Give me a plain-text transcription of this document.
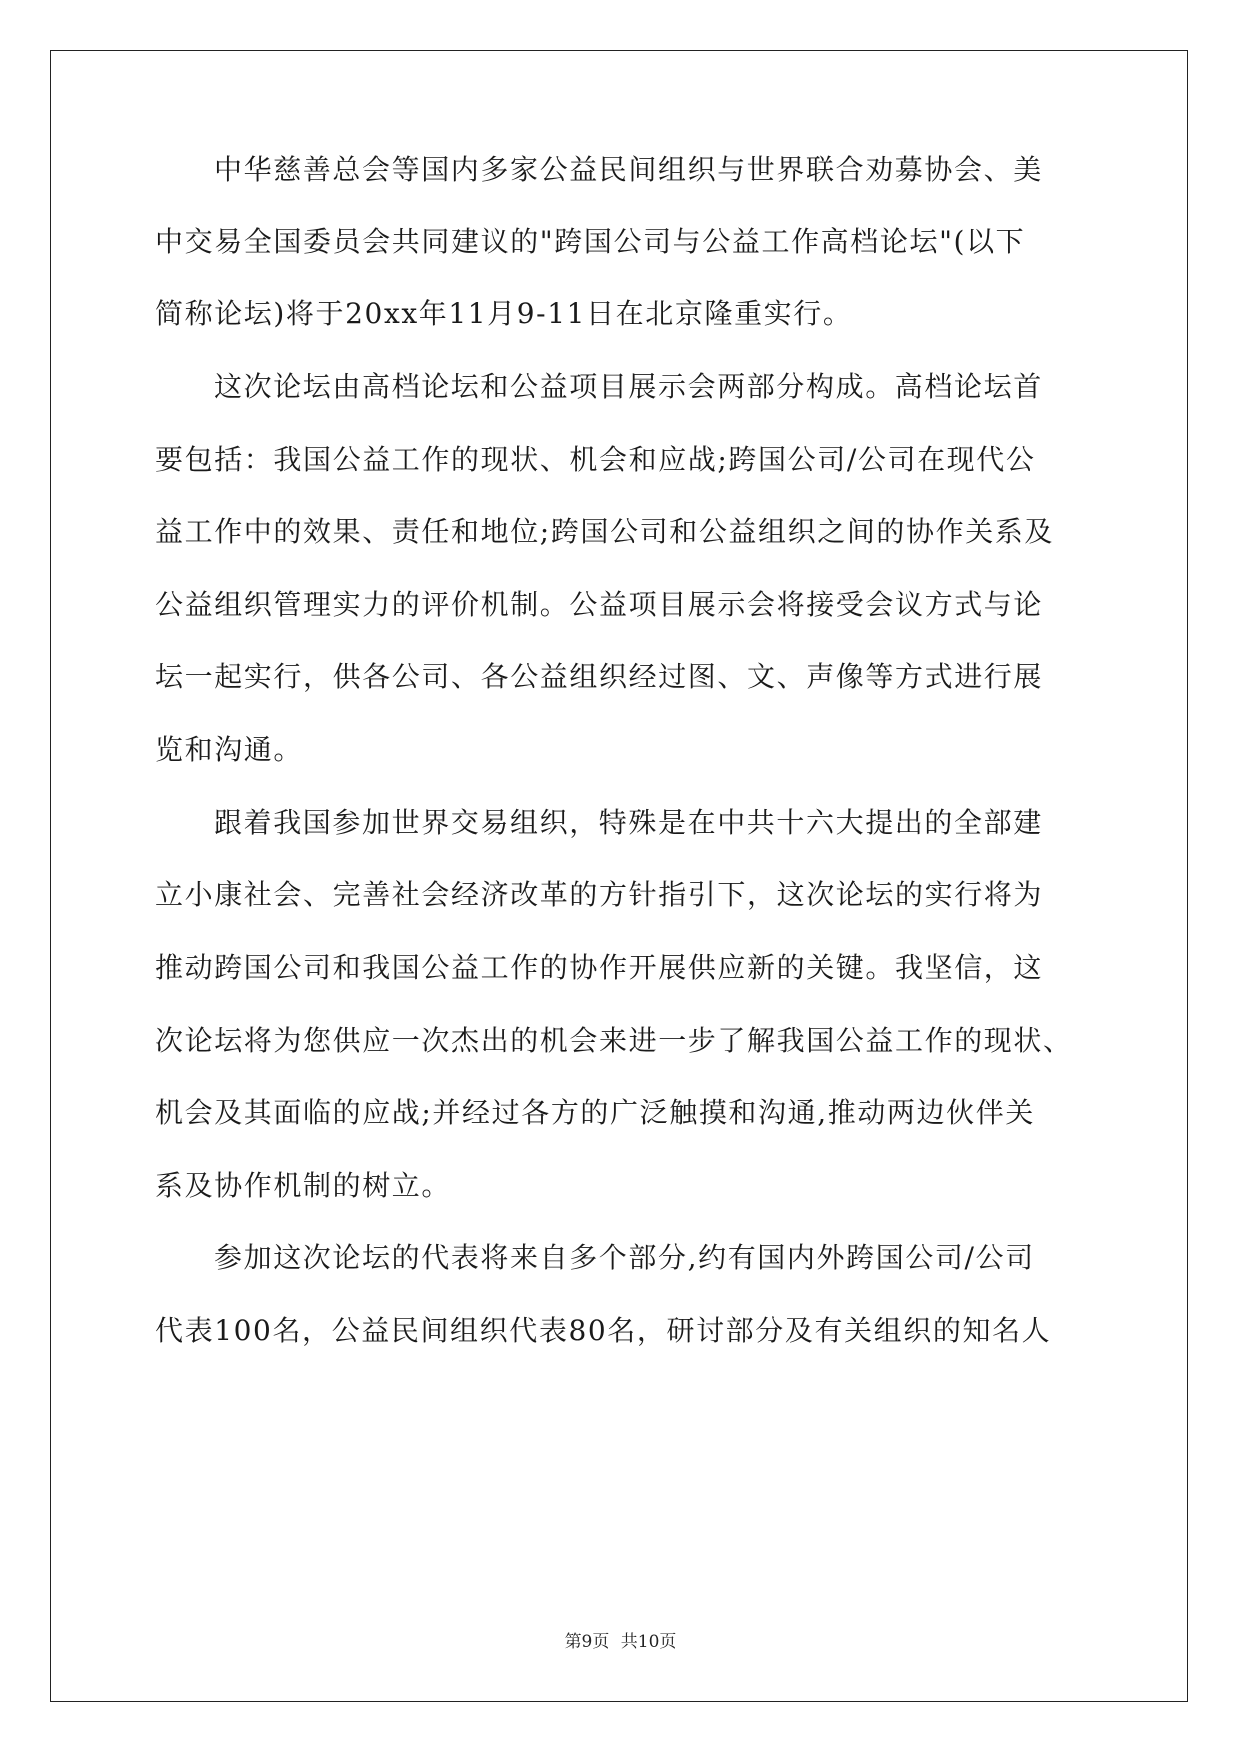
中华慈善总会等国内多家公益民间组织与世界联合劝募协会、美
中交易全国委员会共同建议的"跨国公司与公益工作高档论坛"(以下
简称论坛)将于20xx年11月9-11日在北京隆重实行。
这次论坛由高档论坛和公益项目展示会两部分构成。高档论坛首
要包括：我国公益工作的现状、机会和应战;跨国公司/公司在现代公
益工作中的效果、责任和地位;跨国公司和公益组织之间的协作关系及
公益组织管理实力的评价机制。公益项目展示会将接受会议方式与论
坛一起实行，供各公司、各公益组织经过图、文、声像等方式进行展
览和沟通。
跟着我国参加世界交易组织，特殊是在中共十六大提出的全部建
立小康社会、完善社会经济改革的方针指引下，这次论坛的实行将为
推动跨国公司和我国公益工作的协作开展供应新的关键。我坚信，这
次论坛将为您供应一次杰出的机会来进一步了解我国公益工作的现状、
机会及其面临的应战;并经过各方的广泛触摸和沟通,推动两边伙伴关
系及协作机制的树立。
参加这次论坛的代表将来自多个部分,约有国内外跨国公司/公司
代表100名，公益民间组织代表80名，研讨部分及有关组织的知名人
第9页 共10页
